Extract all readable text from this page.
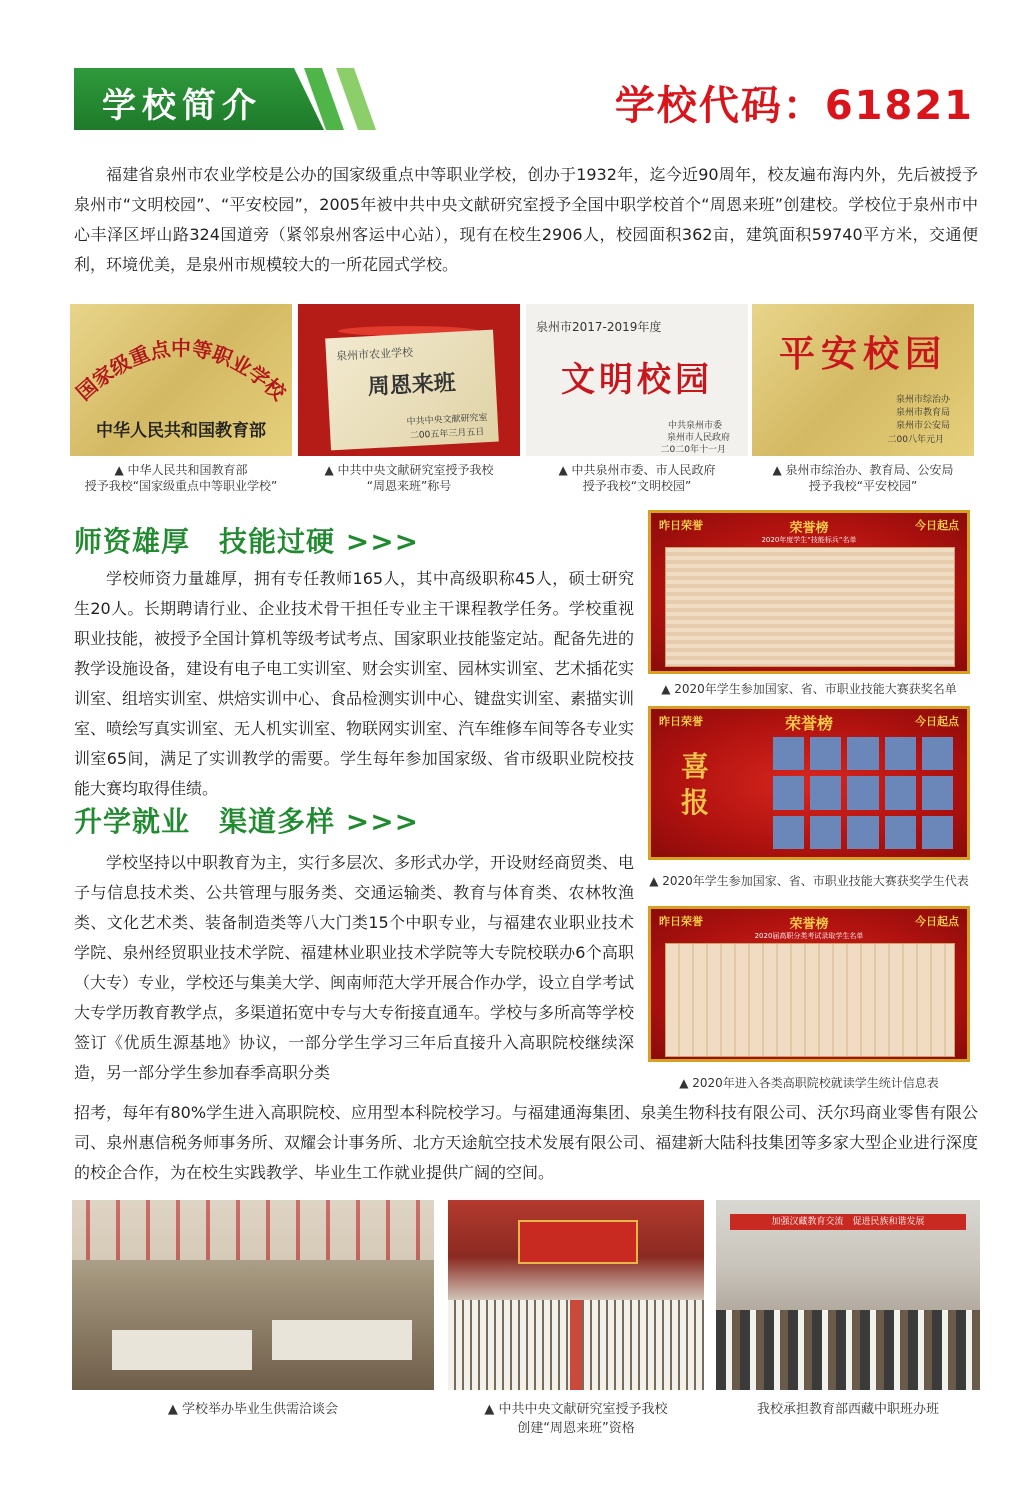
学校简介	学校代码：61821
福建省泉州市农业学校是公办的国家级重点中等职业学校，创办于1932年，迄今近90周年，校友遍布海内外，先后被授予泉州市“文明校园”、“平安校园”，2005年被中共中央文献研究室授予全国中职学校首个“周恩来班”创建校。学校位于泉州市中心丰泽区坪山路324国道旁（紧邻泉州客运中心站），现有在校生2906人，校园面积362亩，建筑面积59740平方米，交通便利，环境优美，是泉州市规模较大的一所花园式学校。
国家级重点中等职业学校
中华人民共和国教育部
▲ 中华人民共和国教育部
授予我校“国家级重点中等职业学校”
泉州市农业学校
周恩来班
中共中央文献研究室
二00五年三月五日
▲ 中共中央文献研究室授予我校
“周恩来班”称号
泉州市2017-2019年度
文明校园
中共泉州市委
泉州市人民政府
二0二0年十一月
▲ 中共泉州市委、市人民政府
授予我校“文明校园”
平安校园
泉州市综治办
泉州市教育局
泉州市公安局
二00八年元月
▲ 泉州市综治办、教育局、公安局
授予我校“平安校园”
师资雄厚　技能过硬 >>>
学校师资力量雄厚，拥有专任教师165人，其中高级职称45人，硕士研究生20人。长期聘请行业、企业技术骨干担任专业主干课程教学任务。学校重视职业技能，被授予全国计算机等级考试考点、国家职业技能鉴定站。配备先进的教学设施设备，建设有电子电工实训室、财会实训室、园林实训室、艺术插花实训室、组培实训室、烘焙实训中心、食品检测实训中心、键盘实训室、素描实训室、喷绘写真实训室、无人机实训室、物联网实训室、汽车维修车间等各专业实训室65间，满足了实训教学的需要。学生每年参加国家级、省市级职业院校技能大赛均取得佳绩。
升学就业　渠道多样 >>>
学校坚持以中职教育为主，实行多层次、多形式办学，开设财经商贸类、电子与信息技术类、公共管理与服务类、交通运输类、教育与体育类、农林牧渔类、文化艺术类、装备制造类等八大门类15个中职专业，与福建农业职业技术学院、泉州经贸职业技术学院、福建林业职业技术学院等大专院校联办6个高职（大专）专业，学校还与集美大学、闽南师范大学开展合作办学，设立自学考试大专学历教育教学点，多渠道拓宽中专与大专衔接直通车。学校与多所高等学校签订《优质生源基地》协议，一部分学生学习三年后直接升入高职院校继续深造，另一部分学生参加春季高职分类
招考，每年有80%学生进入高职院校、应用型本科院校学习。与福建通海集团、泉美生物科技有限公司、沃尔玛商业零售有限公司、泉州惠信税务师事务所、双耀会计事务所、北方天途航空技术发展有限公司、福建新大陆科技集团等多家大型企业进行深度的校企合作，为在校生实践教学、毕业生工作就业提供广阔的空间。
昨日荣誉	荣誉榜	今日起点
2020年度学生“技能标兵”名单
▲ 2020年学生参加国家、省、市职业技能大赛获奖名单
昨日荣誉	荣誉榜	今日起点
喜报
▲ 2020年学生参加国家、省、市职业技能大赛获奖学生代表
昨日荣誉	荣誉榜	今日起点
2020届高职分类考试录取学生名单
▲ 2020年进入各类高职院校就读学生统计信息表
▲ 学校举办毕业生供需洽谈会	▲ 中共中央文献研究室授予我校
创建“周恩来班”资格
加强汉藏教育交流　促进民族和谐发展
我校承担教育部西藏中职班办班
